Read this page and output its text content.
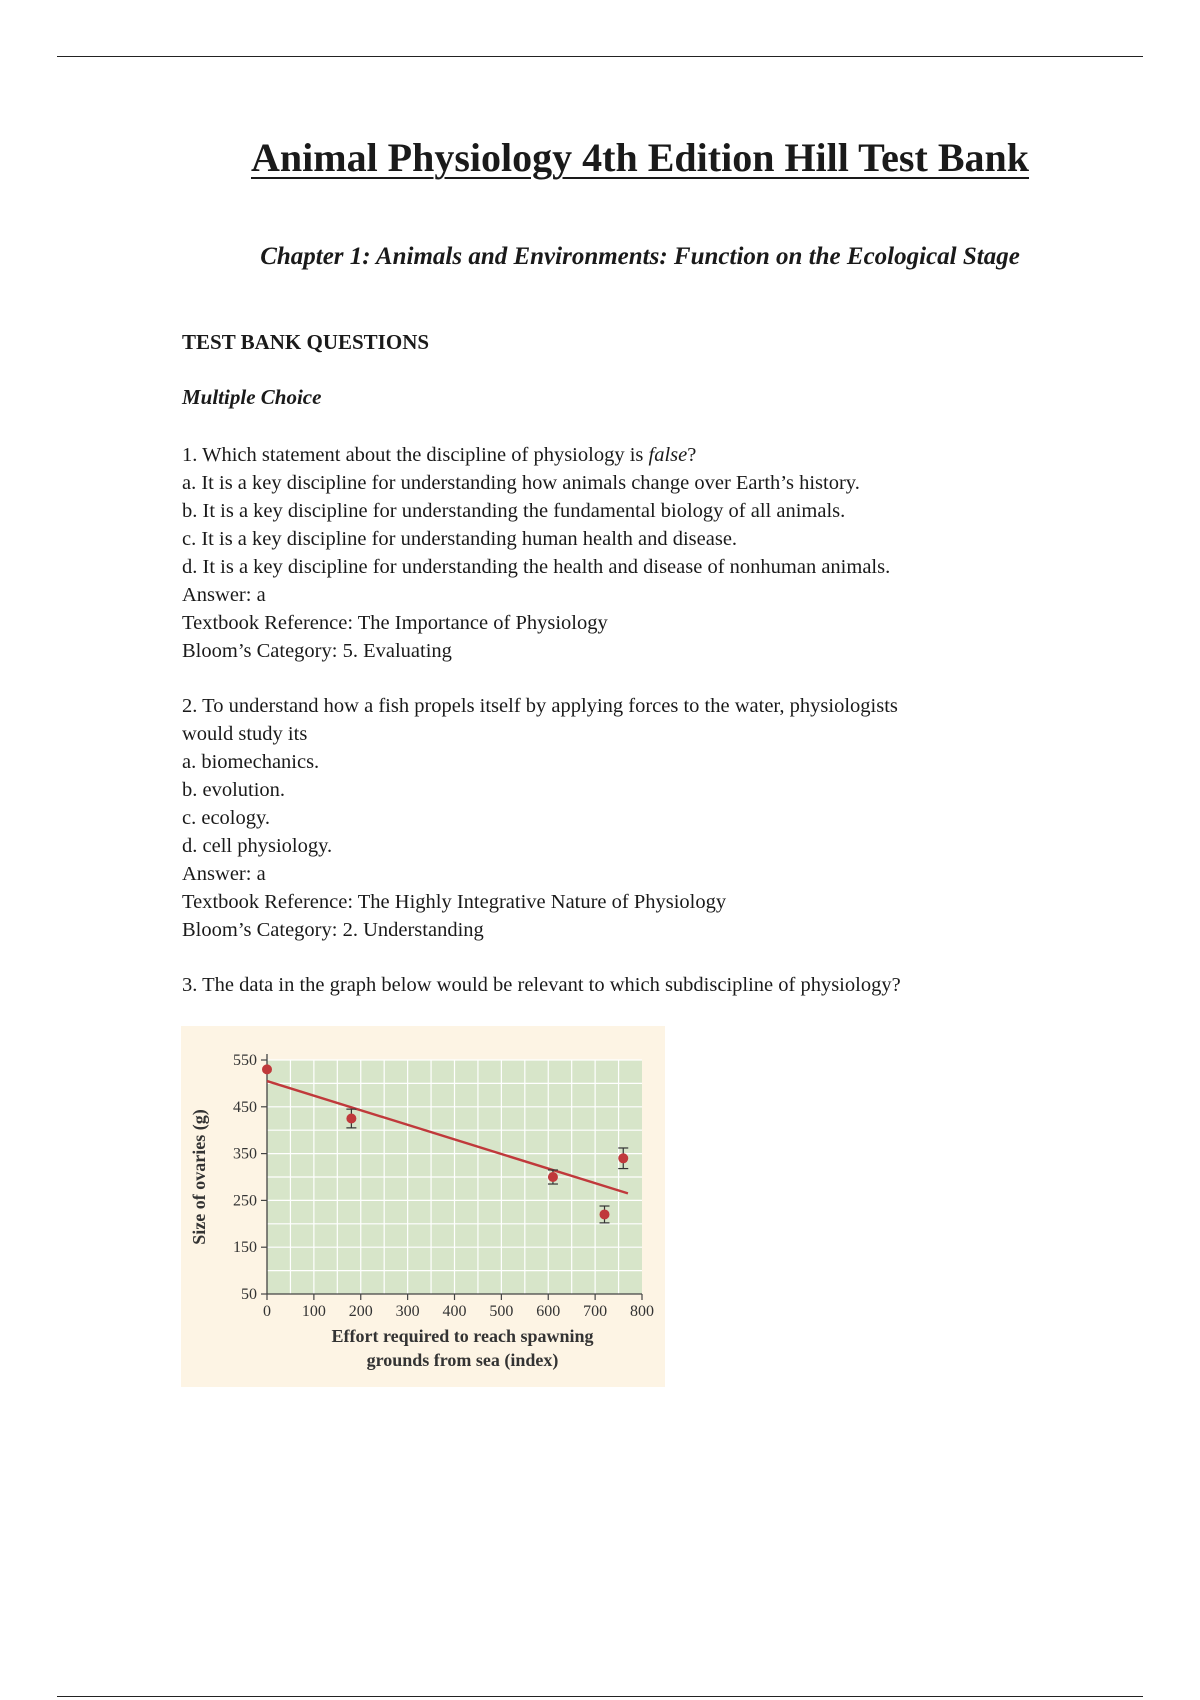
Animal Physiology 4th Edition Hill Test Bank
Chapter 1: Animals and Environments: Function on the Ecological Stage
TEST BANK QUESTIONS
Multiple Choice
1. Which statement about the discipline of physiology is false?
a. It is a key discipline for understanding how animals change over Earth’s history.
b. It is a key discipline for understanding the fundamental biology of all animals.
c. It is a key discipline for understanding human health and disease.
d. It is a key discipline for understanding the health and disease of nonhuman animals.
Answer: a
Textbook Reference: The Importance of Physiology
Bloom’s Category: 5. Evaluating
2. To understand how a fish propels itself by applying forces to the water, physiologists
would study its
a. biomechanics.
b. evolution.
c. ecology.
d. cell physiology.
Answer: a
Textbook Reference: The Highly Integrative Nature of Physiology
Bloom’s Category: 2. Understanding
3. The data in the graph below would be relevant to which subdiscipline of physiology?
50
150
250
350
450
550
0 100 200 300 400 500 600 700 800
Size of ovaries (g)
Effort required to reach spawning
grounds from sea (index)
